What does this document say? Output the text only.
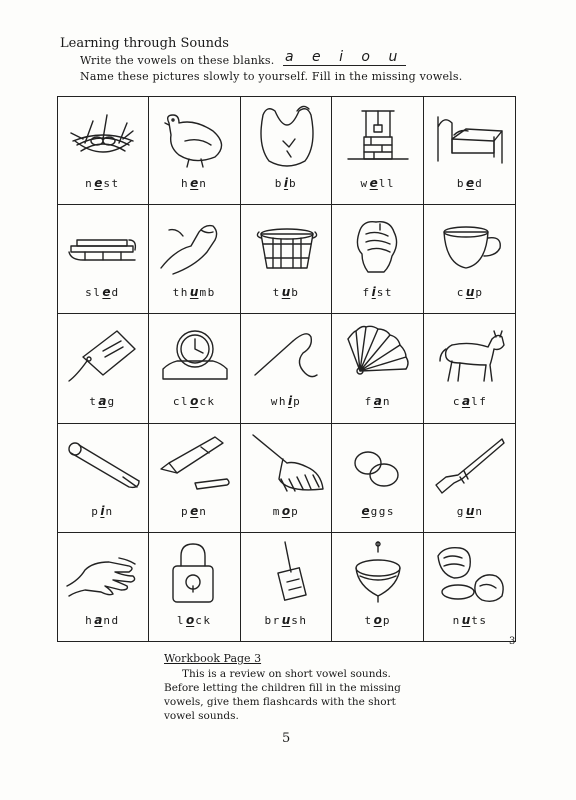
Learning through Sounds
Write the vowels on these blanks. a e i o u
Name these pictures slowly to yourself. Fill in the missing vowels.
nest	hen	bib	well	bed
sled	thumb	tub	fist	cup
tag	clock	whip	fan	calf
pin	pen	mop	eggs	gun
hand	lock	brush	top	nuts
3
Workbook Page 3
This is a review on short vowel sounds.
Before letting the children fill in the missing
vowels, give them flashcards with the short
vowel sounds.
5
